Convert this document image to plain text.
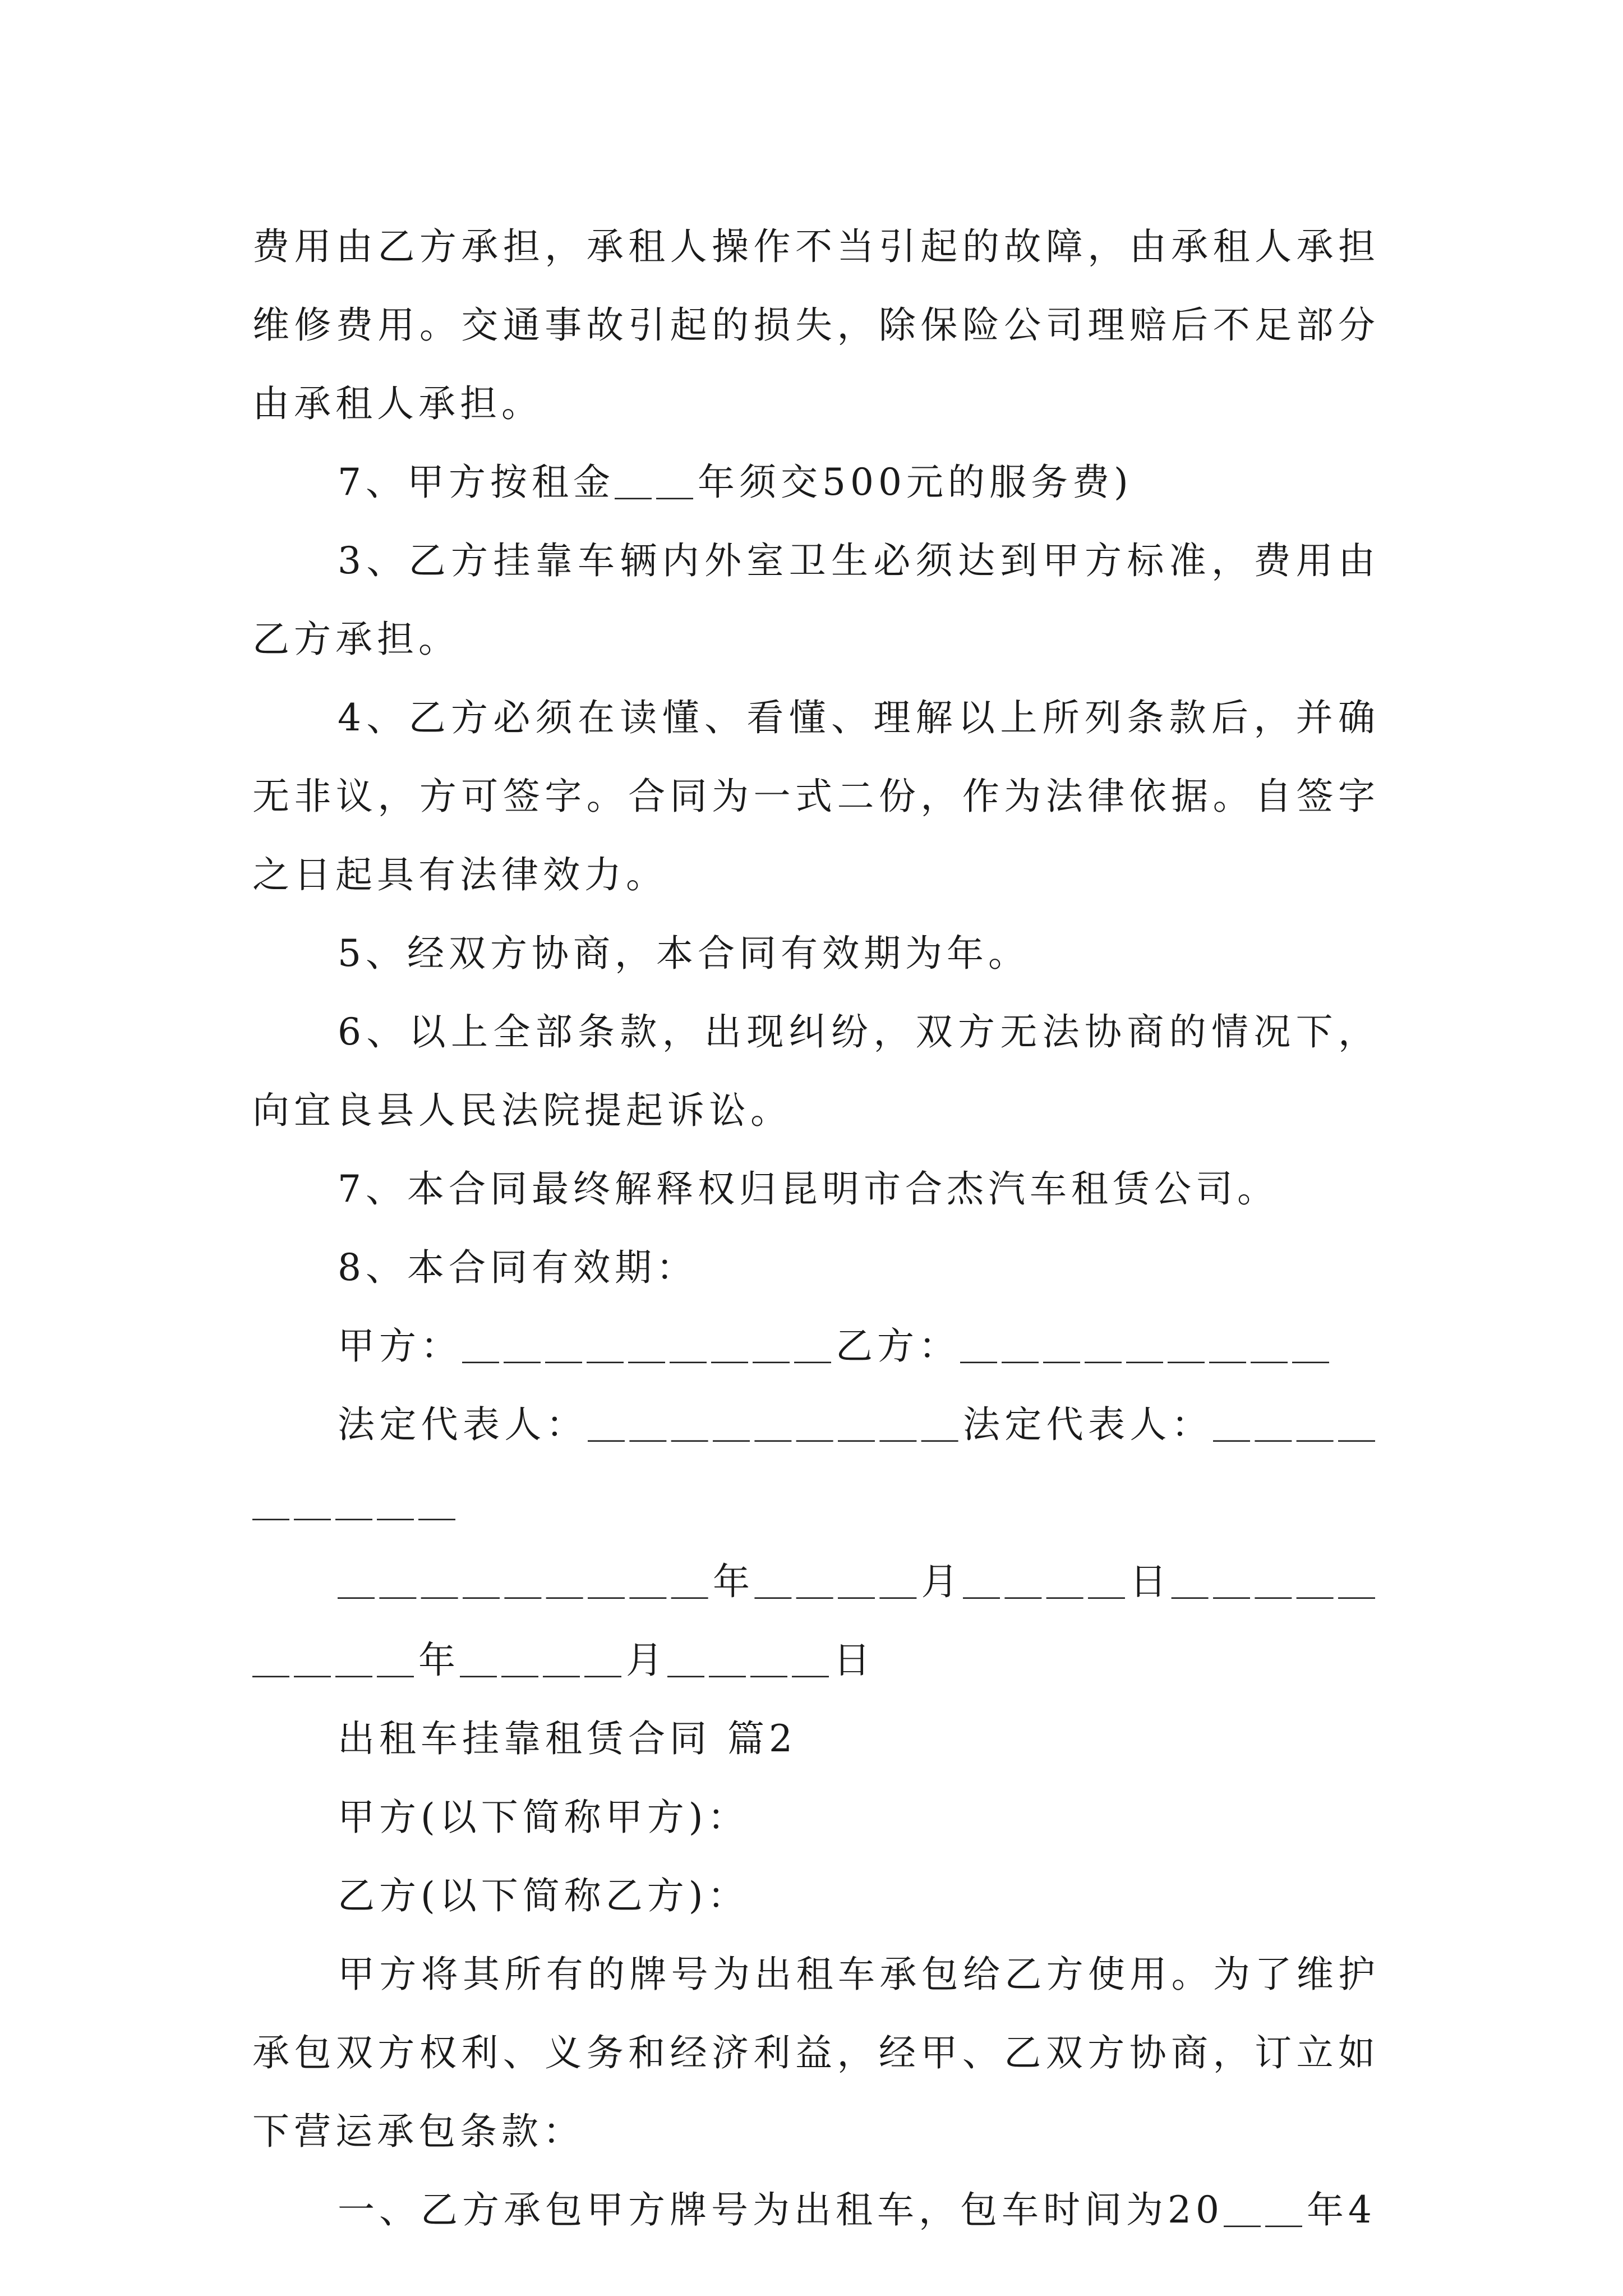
费用由乙方承担，承租人操作不当引起的故障，由承租人承担维修费用。交通事故引起的损失，除保险公司理赔后不足部分由承租人承担。

7、甲方按租金＿＿年须交500元的服务费)

3、乙方挂靠车辆内外室卫生必须达到甲方标准，费用由乙方承担。

4、乙方必须在读懂、看懂、理解以上所列条款后，并确无非议，方可签字。合同为一式二份，作为法律依据。自签字之日起具有法律效力。

5、经双方协商，本合同有效期为年。

6、以上全部条款，出现纠纷，双方无法协商的情况下，向宜良县人民法院提起诉讼。

7、本合同最终解释权归昆明市合杰汽车租赁公司。

8、本合同有效期：

甲方：＿＿＿＿＿＿＿＿＿乙方：＿＿＿＿＿＿＿＿＿

法定代表人：＿＿＿＿＿＿＿＿＿法定代表人：＿＿＿＿＿＿＿＿＿

＿＿＿＿＿＿＿＿＿年＿＿＿＿月＿＿＿＿日＿＿＿＿＿＿＿＿＿年＿＿＿＿月＿＿＿＿日

出租车挂靠租赁合同 篇2

甲方(以下简称甲方)：

乙方(以下简称乙方)：

甲方将其所有的牌号为出租车承包给乙方使用。为了维护承包双方权利、义务和经济利益，经甲、乙双方协商，订立如下营运承包条款：

一、乙方承包甲方牌号为出租车，包车时间为20＿＿年4
